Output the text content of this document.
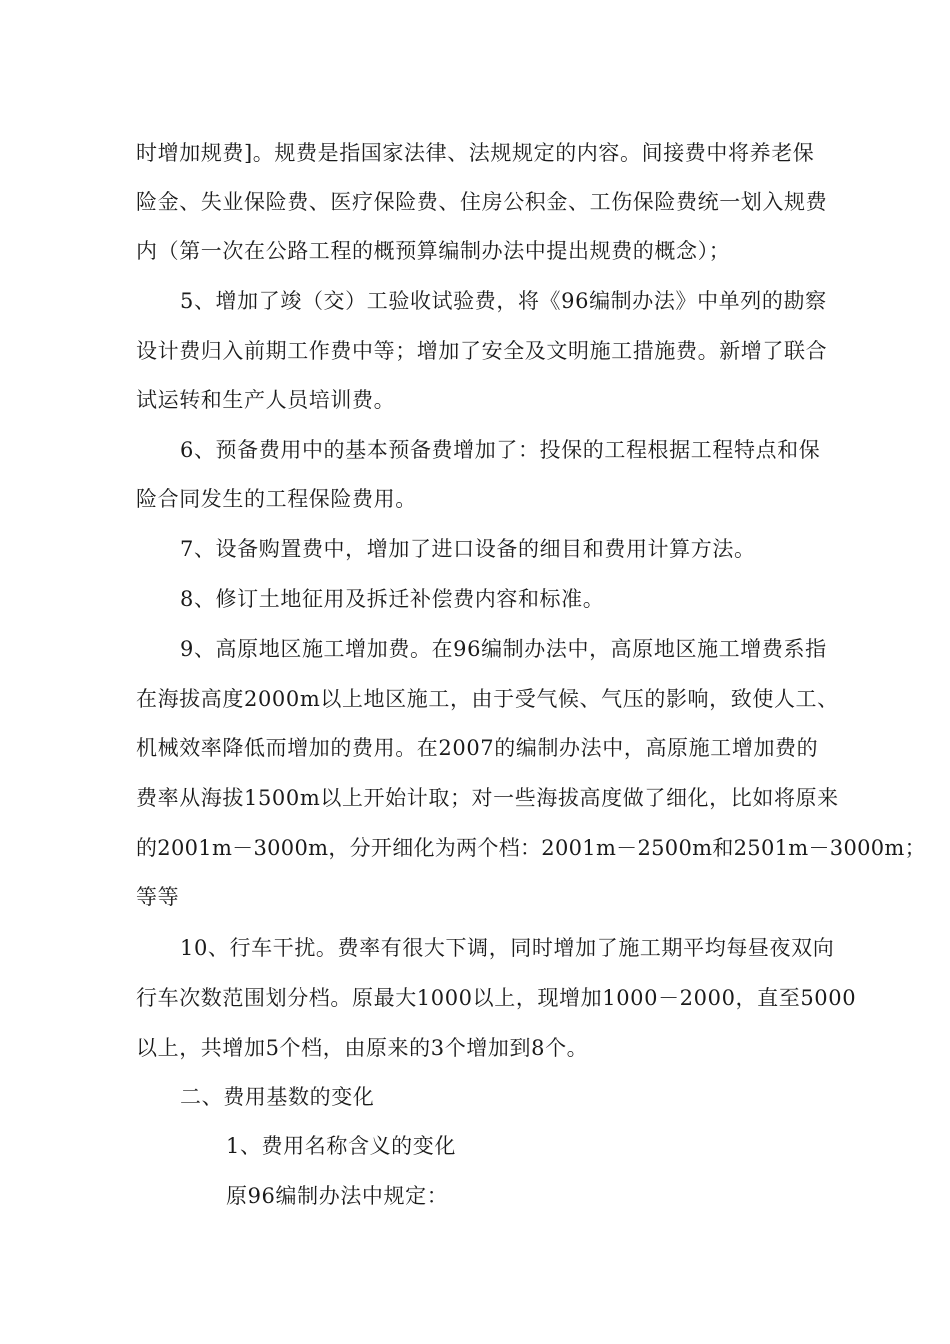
时增加规费]。规费是指国家法律、法规规定的内容。间接费中将养老保
险金、失业保险费、医疗保险费、住房公积金、工伤保险费统一划入规费
内（第一次在公路工程的概预算编制办法中提出规费的概念）；
5、增加了竣（交）工验收试验费，将《96编制办法》中单列的勘察
设计费归入前期工作费中等；增加了安全及文明施工措施费。新增了联合
试运转和生产人员培训费。
6、预备费用中的基本预备费增加了：投保的工程根据工程特点和保
险合同发生的工程保险费用。
7、设备购置费中，增加了进口设备的细目和费用计算方法。
8、修订土地征用及拆迁补偿费内容和标准。
9、高原地区施工增加费。在96编制办法中，高原地区施工增费系指
在海拔高度2000m以上地区施工，由于受气候、气压的影响，致使人工、
机械效率降低而增加的费用。在2007的编制办法中，高原施工增加费的
费率从海拔1500m以上开始计取；对一些海拔高度做了细化，比如将原来
的2001m－3000m，分开细化为两个档：2001m－2500m和2501m－3000m；
等等
10、行车干扰。费率有很大下调，同时增加了施工期平均每昼夜双向
行车次数范围划分档。原最大1000以上，现增加1000－2000，直至5000
以上，共增加5个档，由原来的3个增加到8个。
二、费用基数的变化
1、费用名称含义的变化
原96编制办法中规定：
